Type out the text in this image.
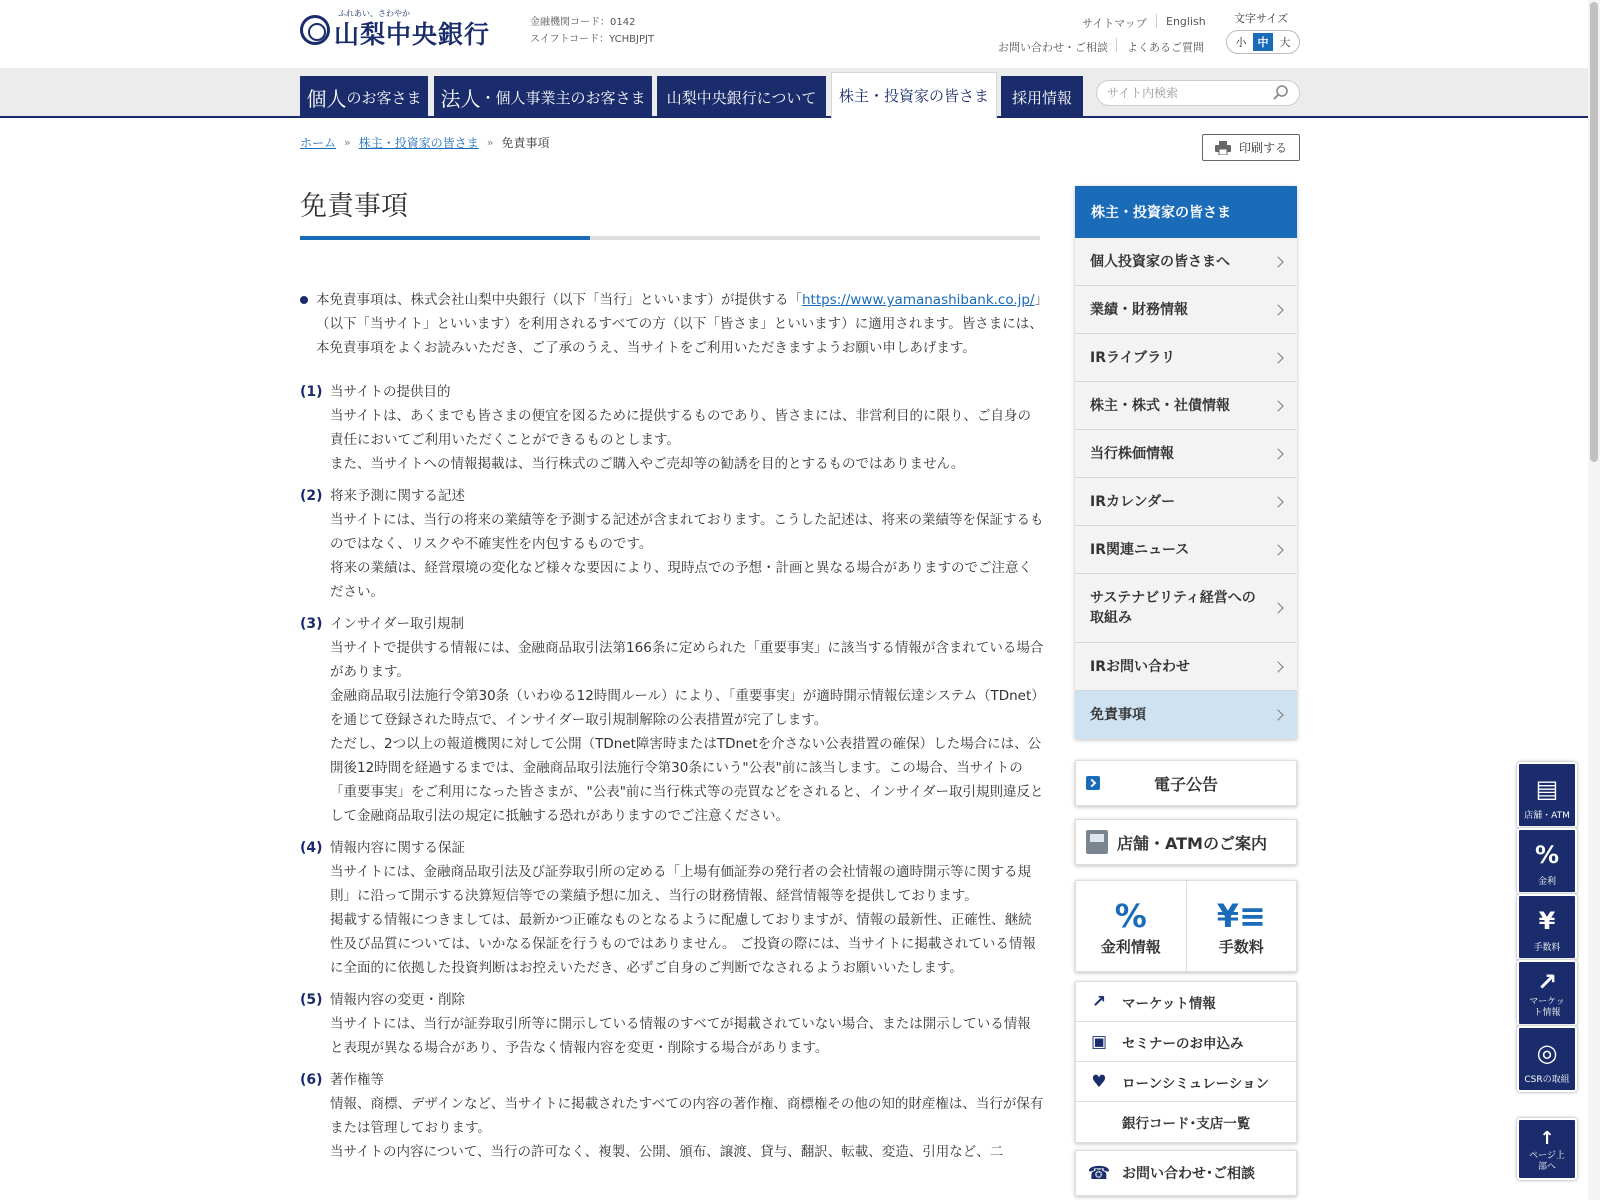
ふれあい、さわやか
山梨中央銀行	金融機関コード：0142
スイフトコード：YCHBJPJT
サイトマップ English
お問い合わせ・ご相談 よくあるご質問
文字サイズ
小	中	大
個人 のお客さま 法人 ・個人事業主のお客さま	山梨中央銀行について	株主・投資家の皆さま	採用情報
サイト内検索
ホーム » 株主・投資家の皆さま » 免責事項	印刷する
免責事項
本免責事項は、株式会社山梨中央銀行（以下「当行」といいます）が提供する「https://www.yamanashibank.co.jp/」（以下「当サイト」といいます）を利用されるすべての方（以下「皆さま」といいます）に適用されます。皆さまには、本免責事項をよくお読みいただき、ご了承のうえ、当サイトをご利用いただきますようお願い申しあげます。
(1) 当サイトの提供目的
当サイトは、あくまでも皆さまの便宜を図るために提供するものであり、皆さまには、非営利目的に限り、ご自身の責任においてご利用いただくことができるものとします。
また、当サイトへの情報掲載は、当行株式のご購入やご売却等の勧誘を目的とするものではありません。
(2) 将来予測に関する記述
当サイトには、当行の将来の業績等を予測する記述が含まれております。こうした記述は、将来の業績等を保証するものではなく、リスクや不確実性を内包するものです。
将来の業績は、経営環境の変化など様々な要因により、現時点での予想・計画と異なる場合がありますのでご注意ください。
(3) インサイダー取引規制
当サイトで提供する情報には、金融商品取引法第166条に定められた「重要事実」に該当する情報が含まれている場合があります。
金融商品取引法施行令第30条（いわゆる12時間ルール）により、「重要事実」が適時開示情報伝達システム（TDnet）を通じて登録された時点で、インサイダー取引規制解除の公表措置が完了します。
ただし、2つ以上の報道機関に対して公開（TDnet障害時またはTDnetを介さない公表措置の確保）した場合には、公開後12時間を経過するまでは、金融商品取引法施行令第30条にいう"公表"前に該当します。この場合、当サイトの「重要事実」をご利用になった皆さまが、"公表"前に当行株式等の売買などをされると、インサイダー取引規則違反として金融商品取引法の規定に抵触する恐れがありますのでご注意ください。
(4) 情報内容に関する保証
当サイトには、金融商品取引法及び証券取引所の定める「上場有価証券の発行者の会社情報の適時開示等に関する規則」に沿って開示する決算短信等での業績予想に加え、当行の財務情報、経営情報等を提供しております。
掲載する情報につきましては、最新かつ正確なものとなるように配慮しておりますが、情報の最新性、正確性、継続性及び品質については、いかなる保証を行うものではありません。 ご投資の際には、当サイトに掲載されている情報に全面的に依拠した投資判断はお控えいただき、必ずご自身のご判断でなされるようお願いいたします。
(5) 情報内容の変更・削除
当サイトには、当行が証券取引所等に開示している情報のすべてが掲載されていない場合、または開示している情報と表現が異なる場合があり、予告なく情報内容を変更・削除する場合があります。
(6) 著作権等
情報、商標、デザインなど、当サイトに掲載されたすべての内容の著作権、商標権その他の知的財産権は、当行が保有または管理しております。
当サイトの内容について、当行の許可なく、複製、公開、頒布、譲渡、貸与、翻訳、転載、変造、引用など、二
株主・投資家の皆さま
個人投資家の皆さまへ
業績・財務情報
IRライブラリ
株主・株式・社債情報
当行株価情報
IRカレンダー
IR関連ニュース
サステナビリティ経営への取組み
IRお問い合わせ
免責事項
電子公告
店舗・ATMのご案内
%
金利情報
¥≡
手数料
↗	マーケット情報
▣	セミナーのお申込み
♥	ローンシミュレーション
銀行コード･支店一覧
☎ お問い合わせ･ご相談
▤
店舗・ATM
%
金利
¥
手数料
↗
マーケット情報
◎
CSRの取組
↑
ページ上部へ
